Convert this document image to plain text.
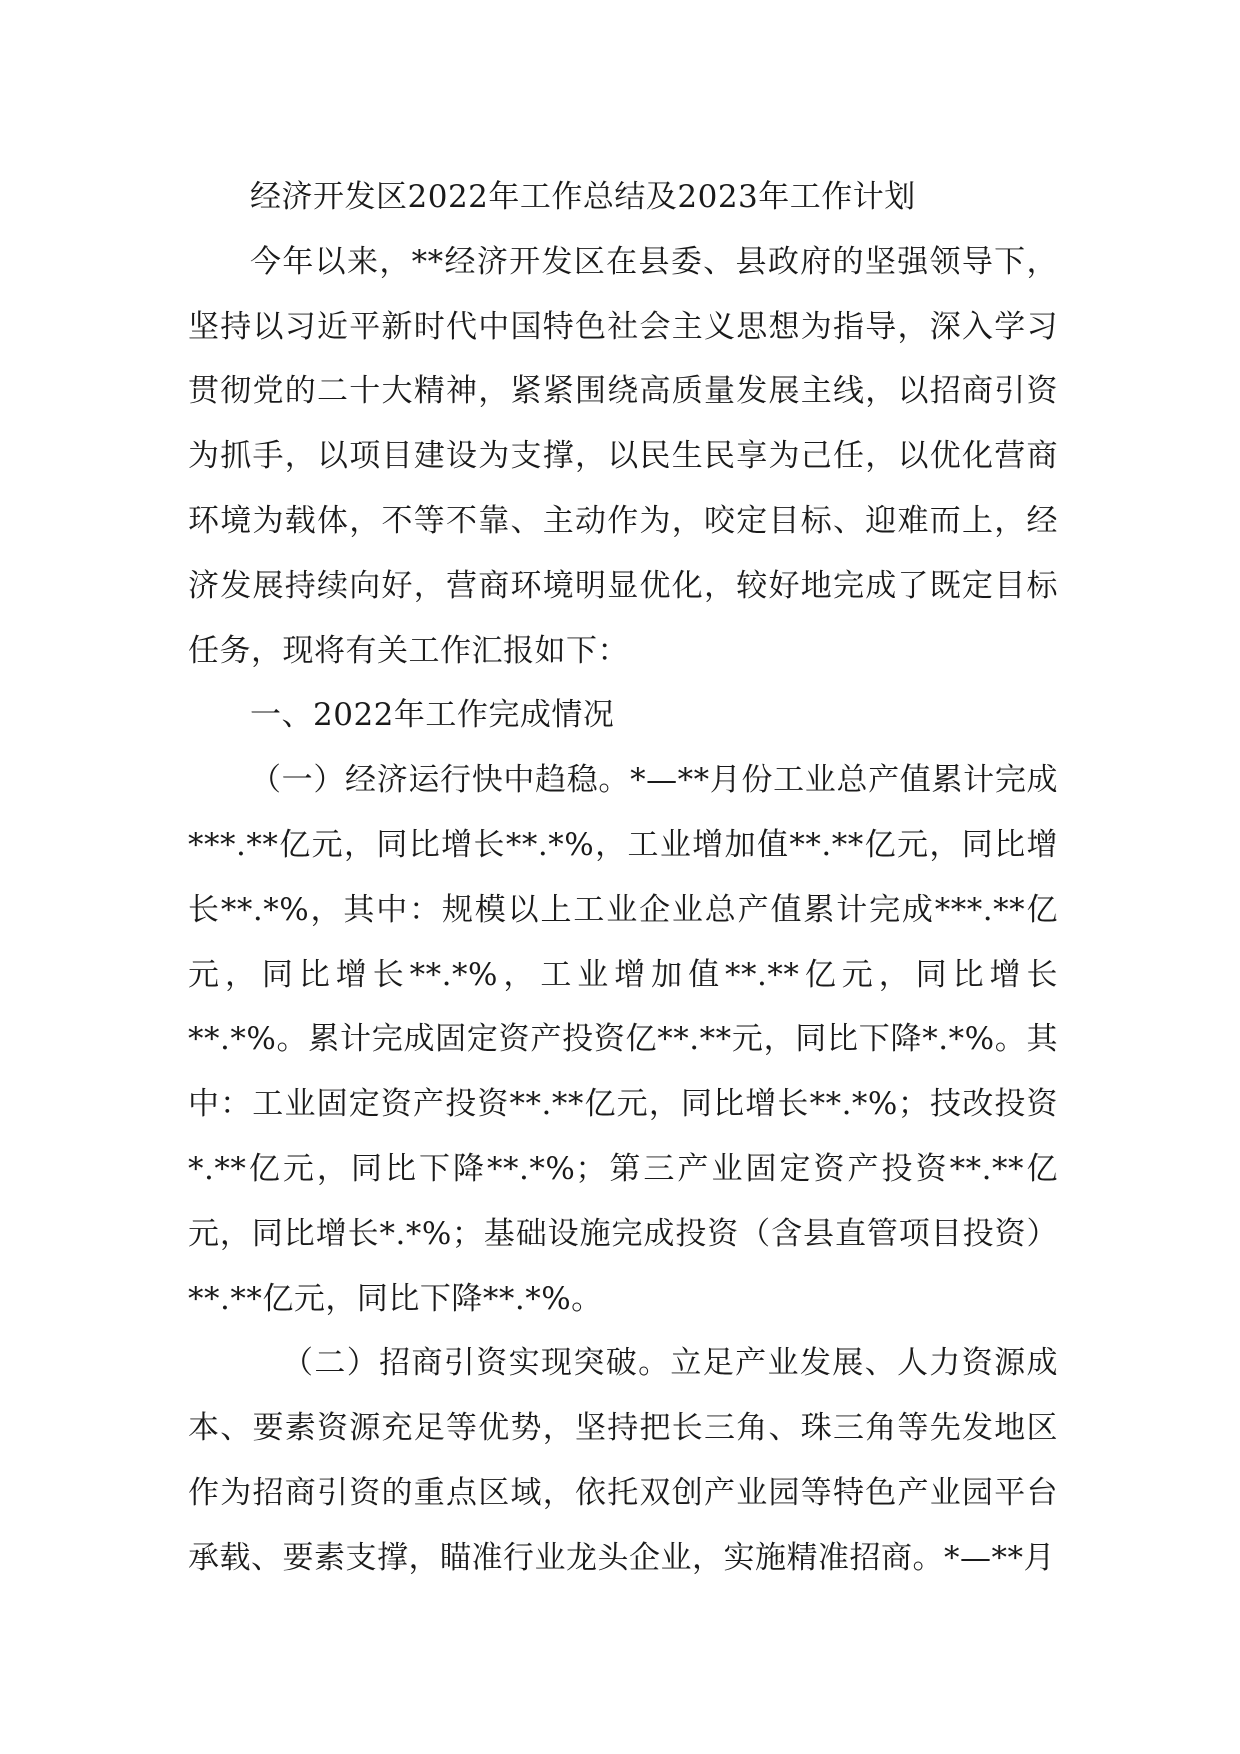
经济开发区2022年工作总结及2023年工作计划

今年以来，**经济开发区在县委、县政府的坚强领导下，坚持以习近平新时代中国特色社会主义思想为指导，深入学习贯彻党的二十大精神，紧紧围绕高质量发展主线，以招商引资为抓手，以项目建设为支撑，以民生民享为己任，以优化营商环境为载体，不等不靠、主动作为，咬定目标、迎难而上，经济发展持续向好，营商环境明显优化，较好地完成了既定目标任务，现将有关工作汇报如下：

一、2022年工作完成情况

（一）经济运行快中趋稳。*—**月份工业总产值累计完成***.**亿元，同比增长**.*%，工业增加值**.**亿元，同比增长**.*%，其中：规模以上工业企业总产值累计完成***.**亿元，同比增长**.*%，工业增加值**.**亿元，同比增长**.*%。累计完成固定资产投资亿**.**元，同比下降*.*%。其中：工业固定资产投资**.**亿元，同比增长**.*%；技改投资*.**亿元，同比下降**.*%；第三产业固定资产投资**.**亿元，同比增长*.*%；基础设施完成投资（含县直管项目投资）**.**亿元，同比下降**.*%。

（二）招商引资实现突破。立足产业发展、人力资源成本、要素资源充足等优势，坚持把长三角、珠三角等先发地区作为招商引资的重点区域，依托双创产业园等特色产业园平台承载、要素支撑，瞄准行业龙头企业，实施精准招商。*—**月
